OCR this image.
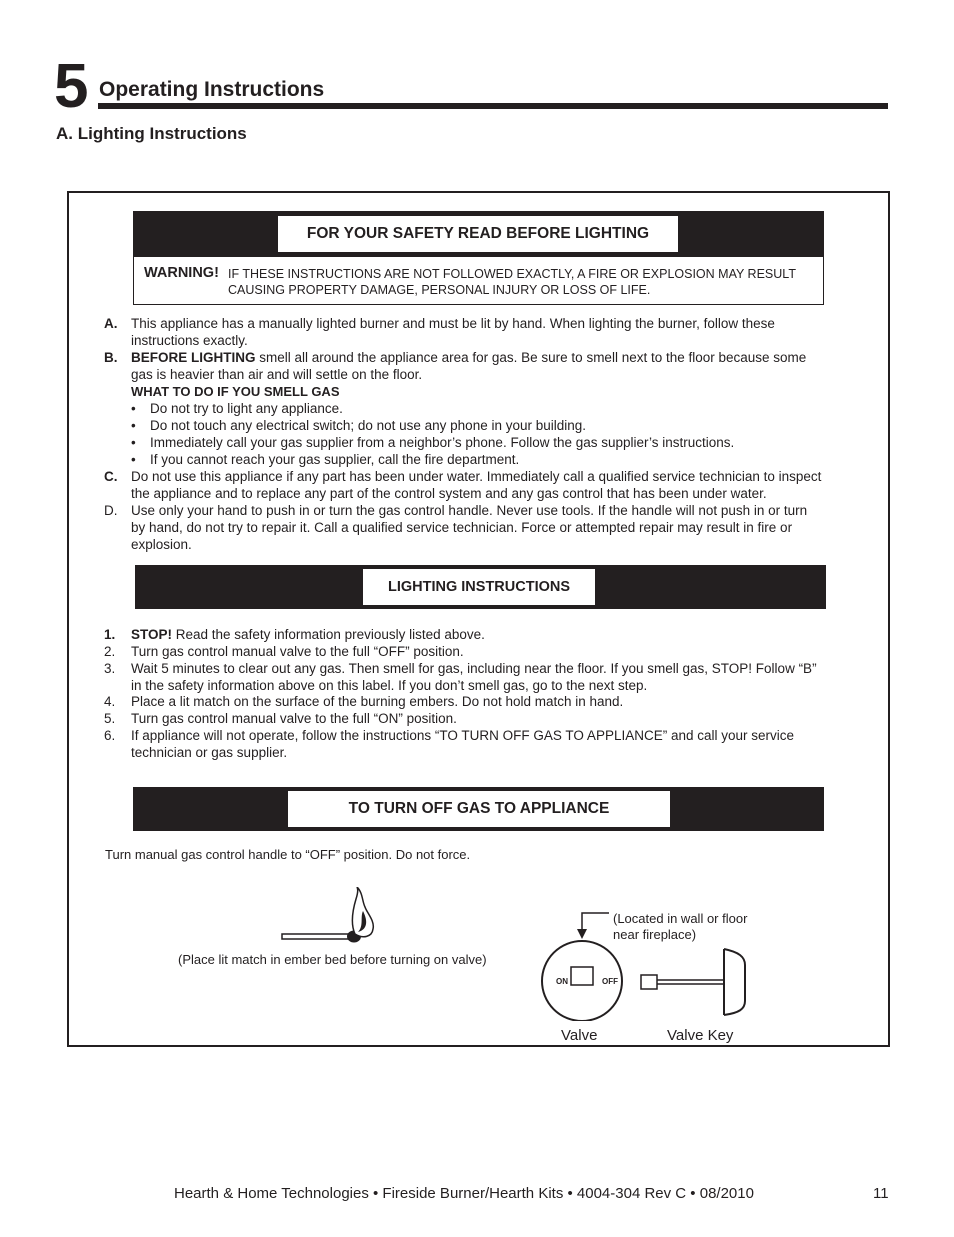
5 Operating Instructions
A. Lighting Instructions
FOR YOUR SAFETY READ BEFORE LIGHTING
WARNING! IF THESE INSTRUCTIONS ARE NOT FOLLOWED EXACTLY, A FIRE OR EXPLOSION MAY RESULT
CAUSING PROPERTY DAMAGE, PERSONAL INJURY OR LOSS OF LIFE.
A. This appliance has a manually lighted burner and must be lit by hand. When lighting the burner, follow these
instructions exactly.
B. BEFORE LIGHTING smell all around the appliance area for gas. Be sure to smell next to the floor because some
gas is heavier than air and will settle on the floor.
WHAT TO DO IF YOU SMELL GAS
• Do not try to light any appliance.
• Do not touch any electrical switch; do not use any phone in your building.
• Immediately call your gas supplier from a neighbor’s phone. Follow the gas supplier’s instructions.
• If you cannot reach your gas supplier, call the fire department.
C. Do not use this appliance if any part has been under water. Immediately call a qualified service technician to inspect
the appliance and to replace any part of the control system and any gas control that has been under water.
D. Use only your hand to push in or turn the gas control handle. Never use tools. If the handle will not push in or turn
by hand, do not try to repair it. Call a qualified service technician. Force or attempted repair may result in fire or
explosion.
LIGHTING INSTRUCTIONS
1. STOP! Read the safety information previously listed above.
2. Turn gas control manual valve to the full “OFF” position.
3. Wait 5 minutes to clear out any gas. Then smell for gas, including near the floor. If you smell gas, STOP! Follow “B”
in the safety information above on this label. If you don’t smell gas, go to the next step.
4. Place a lit match on the surface of the burning embers. Do not hold match in hand.
5. Turn gas control manual valve to the full “ON” position.
6. If appliance will not operate, follow the instructions “TO TURN OFF GAS TO APPLIANCE” and call your service
technician or gas supplier.
TO TURN OFF GAS TO APPLIANCE
Turn manual gas control handle to “OFF” position. Do not force.
(Place lit match in ember bed before turning on valve)
(Located in wall or floor
near fireplace)
ON	OFF
Valve	Valve Key
Hearth & Home Technologies • Fireside Burner/Hearth Kits • 4004-304 Rev C • 08/2010	11
